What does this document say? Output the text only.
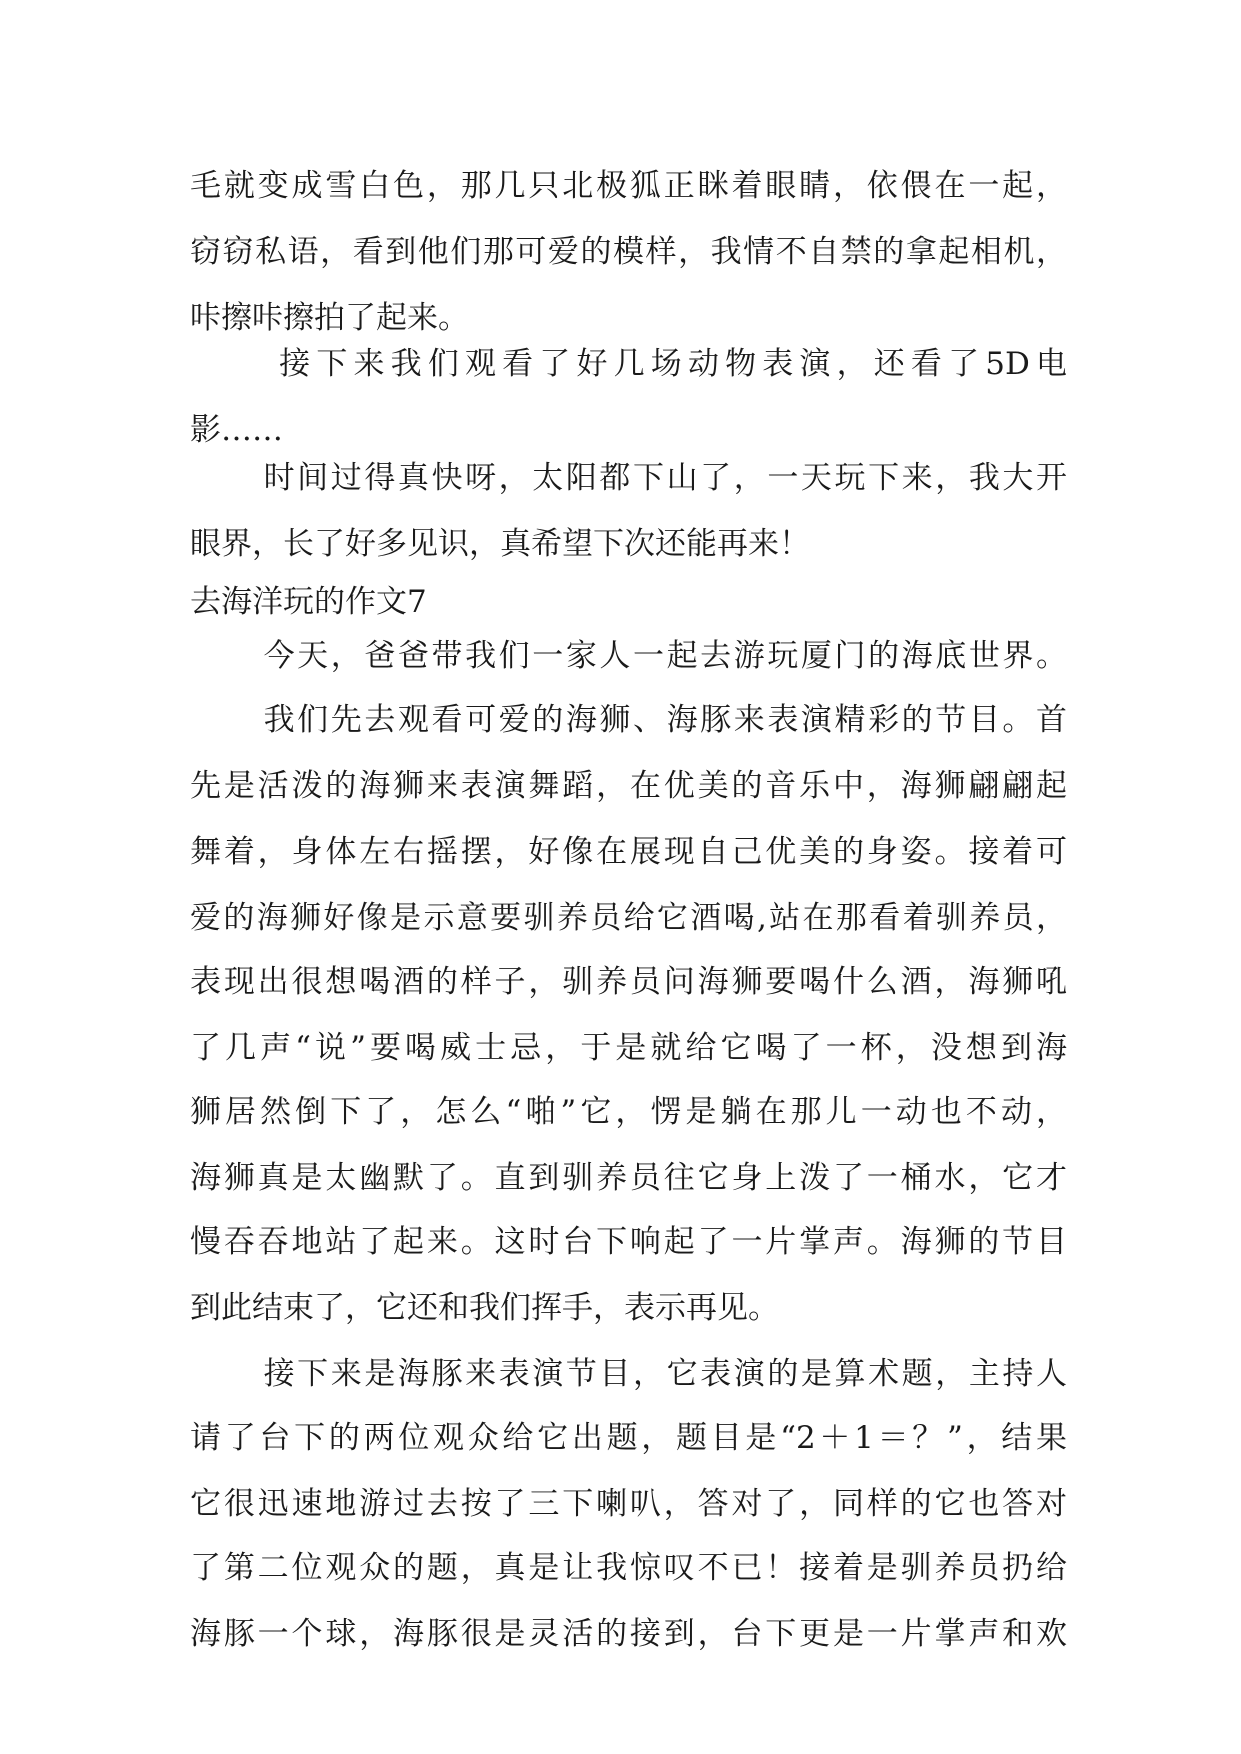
毛就变成雪白色，那几只北极狐正眯着眼睛，依偎在一起，
窃窃私语，看到他们那可爱的模样，我情不自禁的拿起相机，
咔擦咔擦拍了起来。
　接下来我们观看了好几场动物表演，还看了5D电
影……
　时间过得真快呀，太阳都下山了，一天玩下来，我大开
眼界，长了好多见识，真希望下次还能再来！
去海洋玩的作文7
　今天，爸爸带我们一家人一起去游玩厦门的海底世界。
　我们先去观看可爱的海狮、海豚来表演精彩的节目。首
先是活泼的海狮来表演舞蹈，在优美的音乐中，海狮翩翩起
舞着，身体左右摇摆，好像在展现自己优美的身姿。接着可
爱的海狮好像是示意要驯养员给它酒喝,站在那看着驯养员，
表现出很想喝酒的样子，驯养员问海狮要喝什么酒，海狮吼
了几声“说”要喝威士忌，于是就给它喝了一杯，没想到海
狮居然倒下了，怎么“啪”它，愣是躺在那儿一动也不动，
海狮真是太幽默了。直到驯养员往它身上泼了一桶水，它才
慢吞吞地站了起来。这时台下响起了一片掌声。海狮的节目
到此结束了，它还和我们挥手，表示再见。
　接下来是海豚来表演节目，它表演的是算术题，主持人
请了台下的两位观众给它出题，题目是“2＋1＝？”，结果
它很迅速地游过去按了三下喇叭，答对了，同样的它也答对
了第二位观众的题，真是让我惊叹不已！接着是驯养员扔给
海豚一个球，海豚很是灵活的接到，台下更是一片掌声和欢
